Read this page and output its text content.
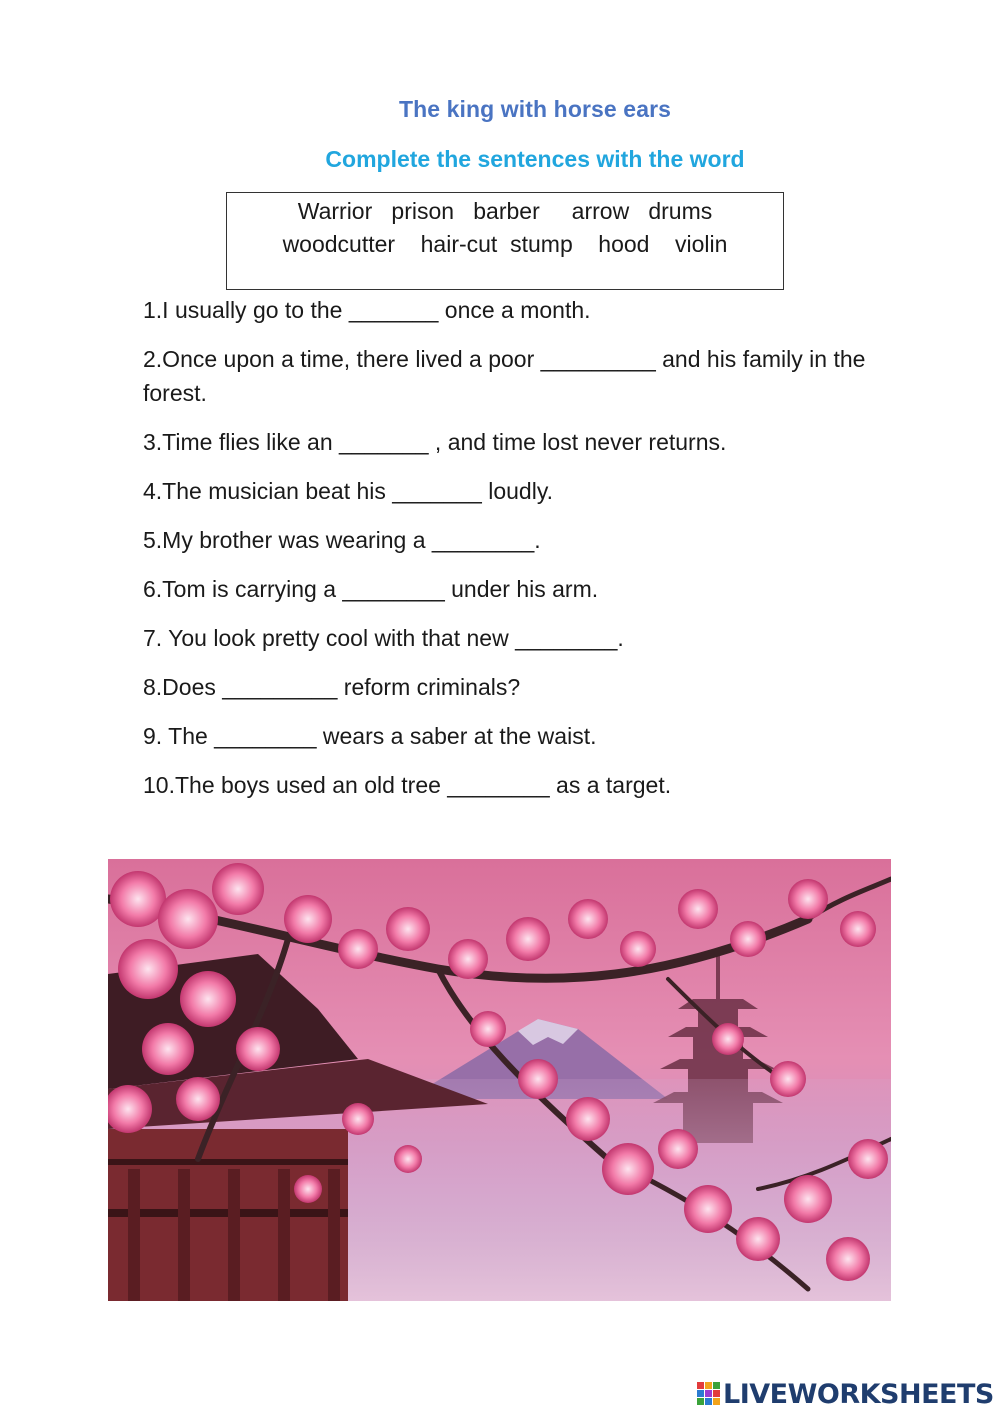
The king with horse ears
Complete the sentences with the word
Warrior   prison   barber     arrow   drums
woodcutter    hair-cut  stump    hood    violin
1.I usually go to the _______ once a month.
2.Once upon a time, there lived a poor _________ and his family in the forest.
3.Time flies like an _______ , and time lost never returns.
4.The musician beat his _______ loudly.
5.My brother was wearing a ________.
6.Tom is carrying a ________ under his arm.
7. You look pretty cool with that new ________.
8.Does _________ reform criminals?
9. The ________ wears a saber at the waist.
10.The boys used an old tree ________ as a target.
LIVEWORKSHEETS
